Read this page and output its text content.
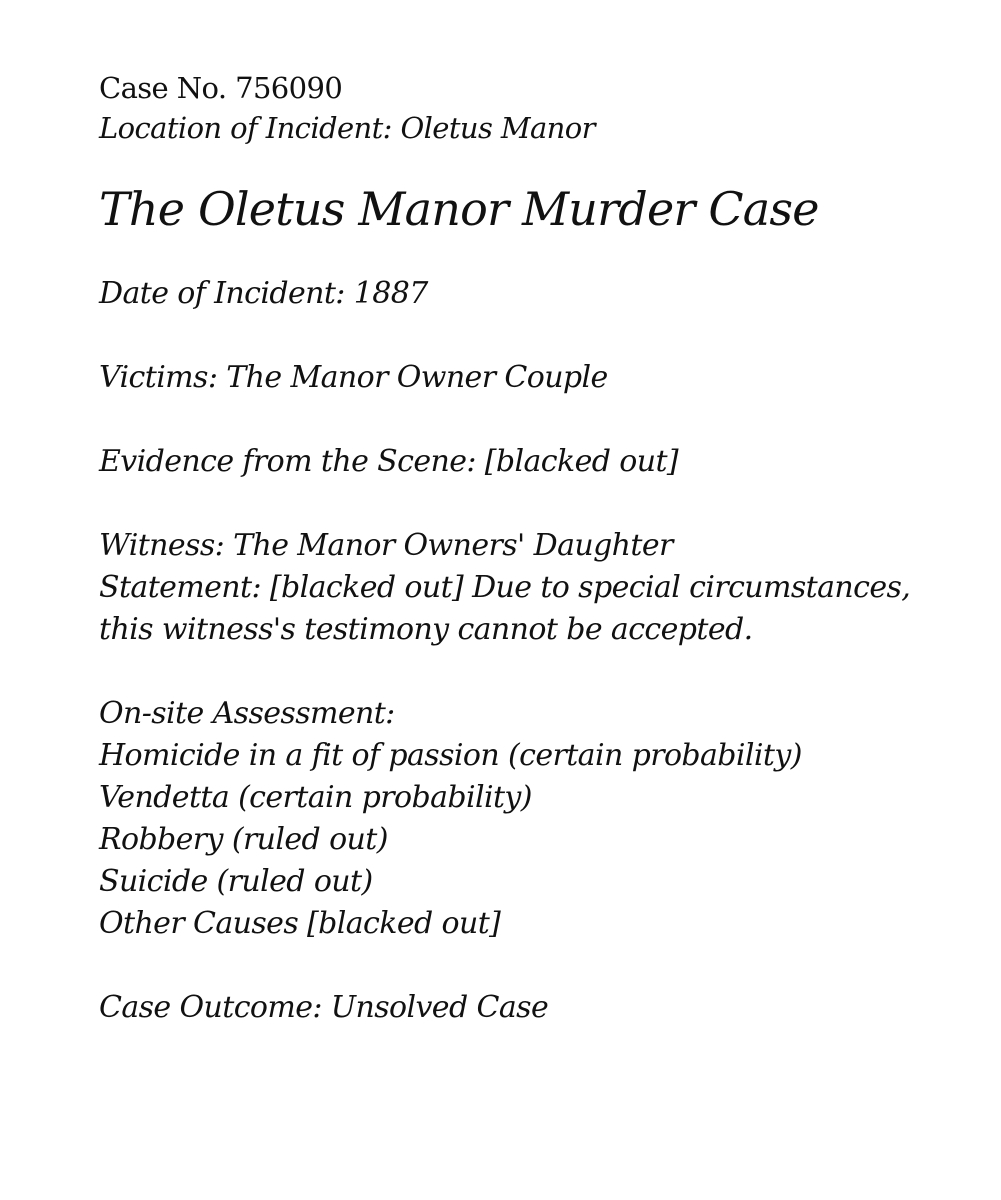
Case No. 756090

Location of Incident: Oletus Manor

The Oletus Manor Murder Case

Date of Incident: 1887

Victims: The Manor Owner Couple

Evidence from the Scene: [blacked out]

Witness: The Manor Owners' Daughter

Statement: [blacked out] Due to special circumstances, this witness's testimony cannot be accepted.

On-site Assessment:

Homicide in a fit of passion (certain probability)
Vendetta (certain probability)
Robbery (ruled out)
Suicide (ruled out)
Other Causes [blacked out]

Case Outcome: Unsolved Case
